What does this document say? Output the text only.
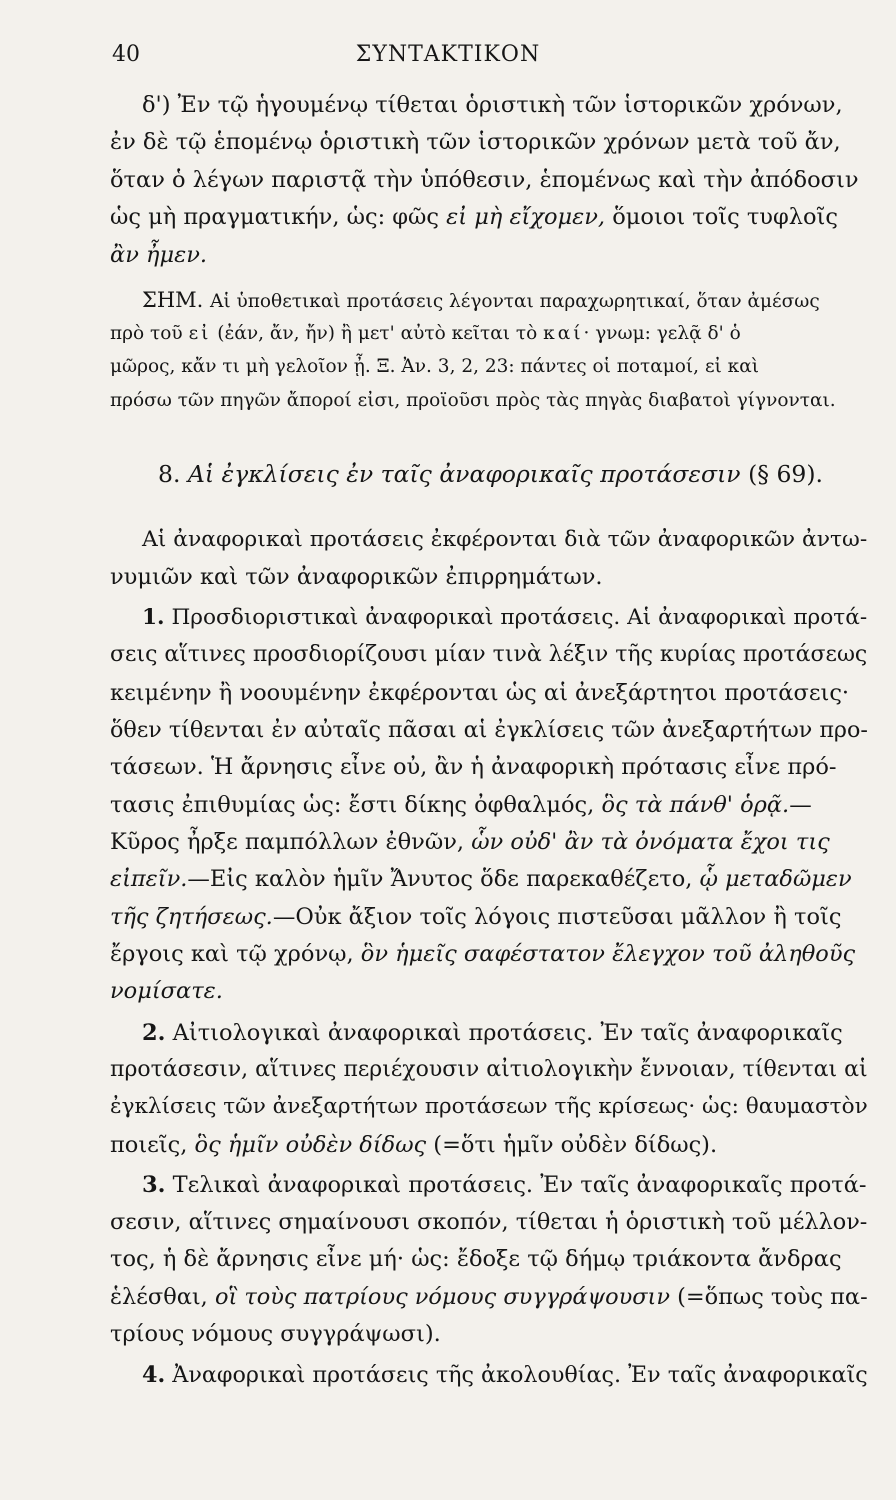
40	ΣΥΝΤΑΚΤΙΚΟΝ
δ') Ἐν τῷ ἡγουμένῳ τίθεται ὁριστικὴ τῶν ἱστορικῶν χρόνων,
ἐν δὲ τῷ ἑπομένῳ ὁριστικὴ τῶν ἱστορικῶν χρόνων μετὰ τοῦ ἄν,
ὅταν ὁ λέγων παριστᾷ τὴν ὑπόθεσιν, ἑπομένως καὶ τὴν ἀπόδοσιν
ὡς μὴ πραγματικήν, ὡς: φῶς εἰ μὴ εἴχομεν, ὅμοιοι τοῖς τυφλοῖς
ἂν ἦμεν.
ΣΗΜ. Αἱ ὑποθετικαὶ προτάσεις λέγονται παραχωρητικαί, ὅταν ἀμέσως
πρὸ τοῦ εἰ (ἐάν, ἄν, ἤν) ἢ μετ' αὐτὸ κεῖται τὸ καί· γνωμ: γελᾷ δ' ὁ
μῶρος, κἄν τι μὴ γελοῖον ᾖ. Ξ. Ἀν. 3, 2, 23: πάντες οἱ ποταμοί, εἰ καὶ
πρόσω τῶν πηγῶν ἄποροί εἰσι, προϊοῦσι πρὸς τὰς πηγὰς διαβατοὶ γίγνονται.
8. Αἱ ἐγκλίσεις ἐν ταῖς ἀναφορικαῖς προτάσεσιν (§ 69).
Αἱ ἀναφορικαὶ προτάσεις ἐκφέρονται διὰ τῶν ἀναφορικῶν ἀντω-
νυμιῶν καὶ τῶν ἀναφορικῶν ἐπιρρημάτων.
1. Προσδιοριστικαὶ ἀναφορικαὶ προτάσεις. Αἱ ἀναφορικαὶ προτά-
σεις αἵτινες προσδιορίζουσι μίαν τινὰ λέξιν τῆς κυρίας προτάσεως
κειμένην ἢ νοουμένην ἐκφέρονται ὡς αἱ ἀνεξάρτητοι προτάσεις·
ὅθεν τίθενται ἐν αὐταῖς πᾶσαι αἱ ἐγκλίσεις τῶν ἀνεξαρτήτων προ-
τάσεων. Ἡ ἄρνησις εἶνε οὐ, ἂν ἡ ἀναφορικὴ πρότασις εἶνε πρό-
τασις ἐπιθυμίας ὡς: ἔστι δίκης ὀφθαλμός, ὃς τὰ πάνθ' ὁρᾷ.—
Κῦρος ἦρξε παμπόλλων ἐθνῶν, ὧν οὐδ' ἂν τὰ ὀνόματα ἔχοι τις
εἰπεῖν.—Εἰς καλὸν ἡμῖν Ἄνυτος ὅδε παρεκαθέζετο, ᾧ μεταδῶμεν
τῆς ζητήσεως.—Οὐκ ἄξιον τοῖς λόγοις πιστεῦσαι μᾶλλον ἢ τοῖς
ἔργοις καὶ τῷ χρόνῳ, ὃν ἡμεῖς σαφέστατον ἔλεγχον τοῦ ἀληθοῦς
νομίσατε.
2. Αἰτιολογικαὶ ἀναφορικαὶ προτάσεις. Ἐν ταῖς ἀναφορικαῖς
προτάσεσιν, αἵτινες περιέχουσιν αἰτιολογικὴν ἔννοιαν, τίθενται αἱ
ἐγκλίσεις τῶν ἀνεξαρτήτων προτάσεων τῆς κρίσεως· ὡς: θαυμαστὸν
ποιεῖς, ὃς ἡμῖν οὐδὲν δίδως (=ὅτι ἡμῖν οὐδὲν δίδως).
3. Τελικαὶ ἀναφορικαὶ προτάσεις. Ἐν ταῖς ἀναφορικαῖς προτά-
σεσιν, αἵτινες σημαίνουσι σκοπόν, τίθεται ἡ ὁριστικὴ τοῦ μέλλον-
τος, ἡ δὲ ἄρνησις εἶνε μή· ὡς: ἔδοξε τῷ δήμῳ τριάκοντα ἄνδρας
ἑλέσθαι, οἳ τοὺς πατρίους νόμους συγγράψουσιν (=ὅπως τοὺς πα-
τρίους νόμους συγγράψωσι).
4. Ἀναφορικαὶ προτάσεις τῆς ἀκολουθίας. Ἐν ταῖς ἀναφορικαῖς
